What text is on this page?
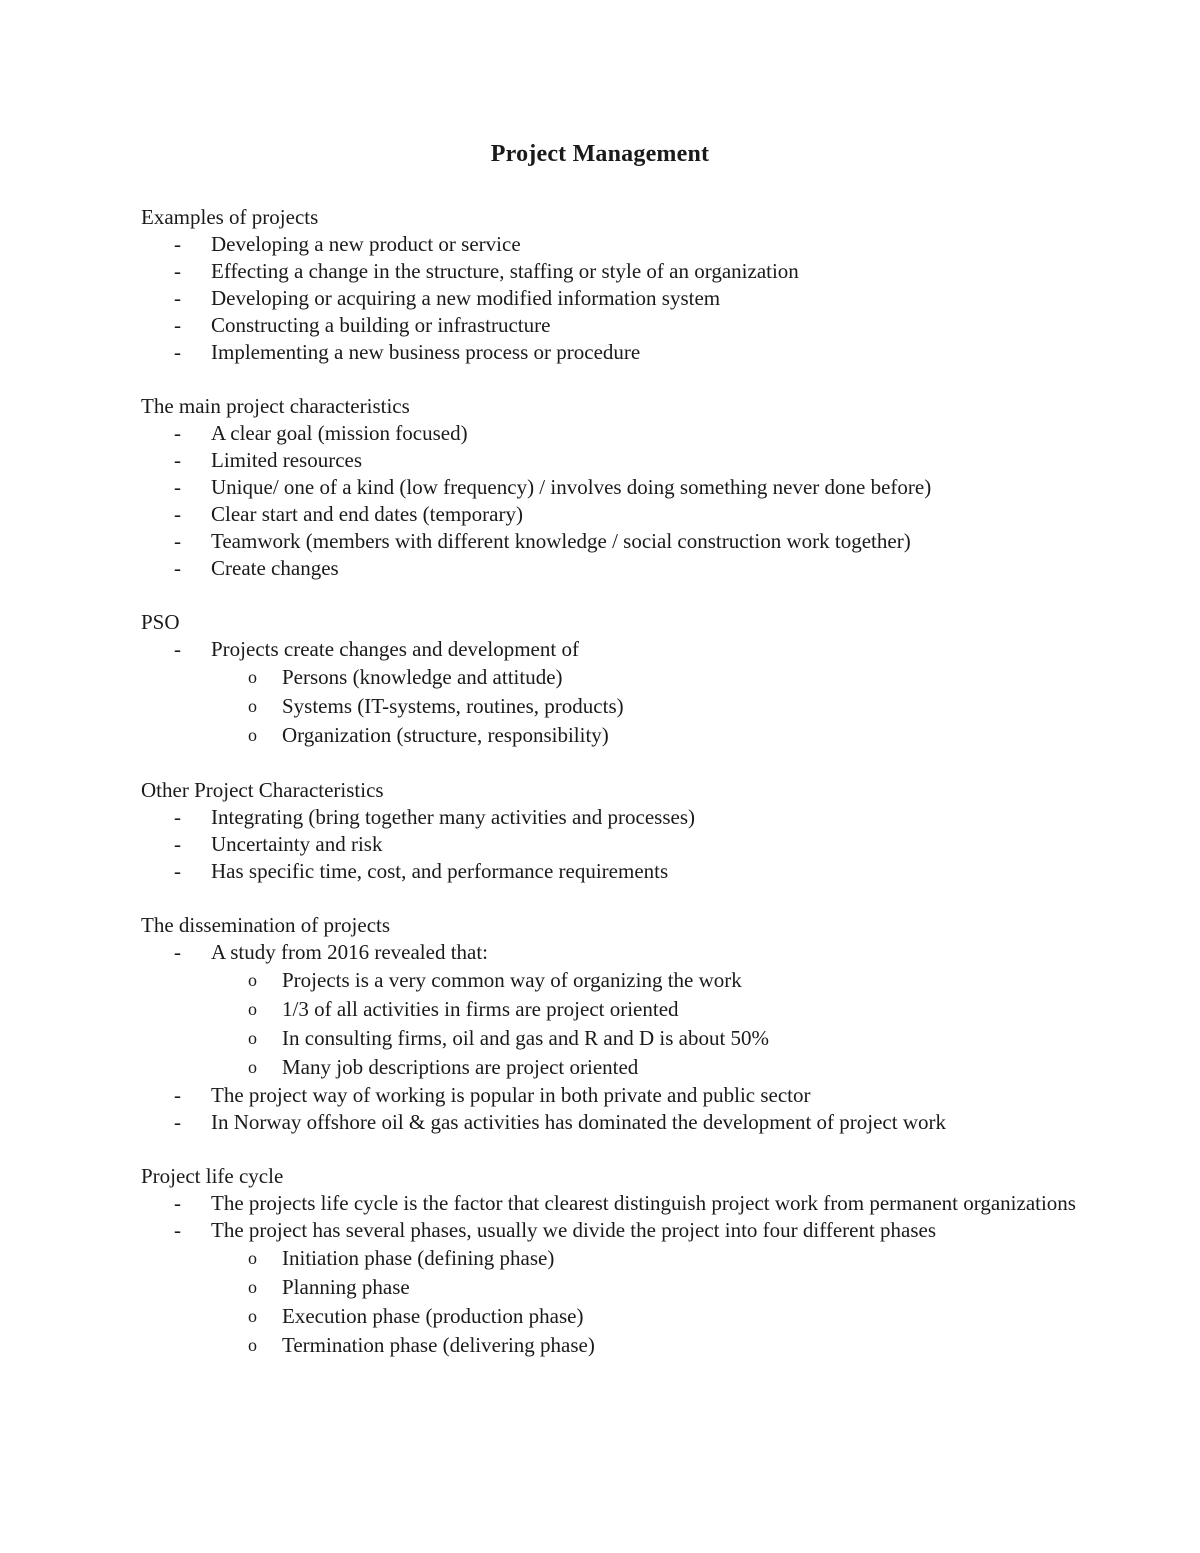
Project Management
Examples of projects
- Developing a new product or service
- Effecting a change in the structure, staffing or style of an organization
- Developing or acquiring a new modified information system
- Constructing a building or infrastructure
- Implementing a new business process or procedure
The main project characteristics
- A clear goal (mission focused)
- Limited resources
- Unique/ one of a kind (low frequency) / involves doing something never done before)
- Clear start and end dates (temporary)
- Teamwork (members with different knowledge / social construction work together)
- Create changes
PSO
- Projects create changes and development of
o Persons (knowledge and attitude)
o Systems (IT-systems, routines, products)
o Organization (structure, responsibility)
Other Project Characteristics
- Integrating (bring together many activities and processes)
- Uncertainty and risk
- Has specific time, cost, and performance requirements
The dissemination of projects
- A study from 2016 revealed that:
o Projects is a very common way of organizing the work
o 1/3 of all activities in firms are project oriented
o In consulting firms, oil and gas and R and D is about 50%
o Many job descriptions are project oriented
- The project way of working is popular in both private and public sector
- In Norway offshore oil & gas activities has dominated the development of project work
Project life cycle
- The projects life cycle is the factor that clearest distinguish project work from permanent organizations
- The project has several phases, usually we divide the project into four different phases
o Initiation phase (defining phase)
o Planning phase
o Execution phase (production phase)
o Termination phase (delivering phase)
